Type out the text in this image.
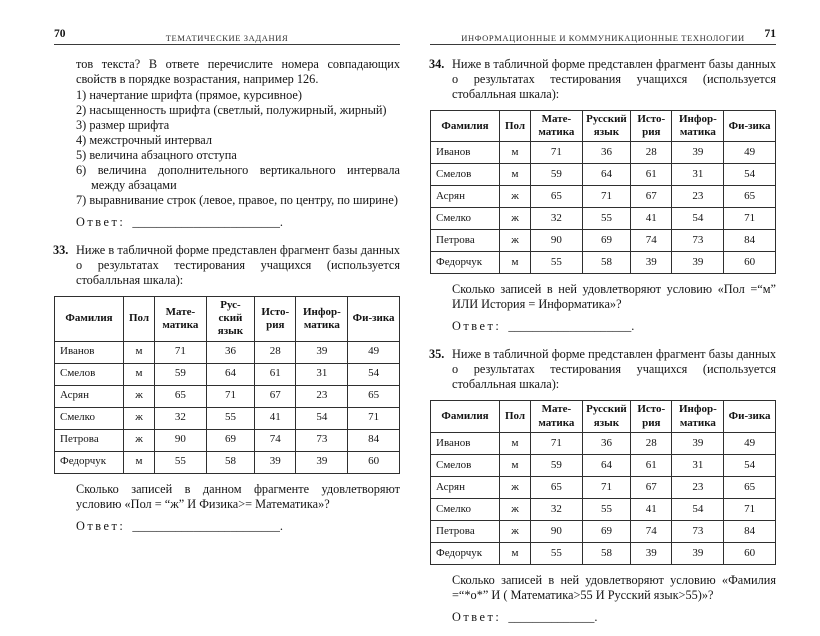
70	ТЕМАТИЧЕСКИЕ ЗАДАНИЯ

тов текста? В ответе перечислите номера совпадающих свойств в порядке возрастания, например 126.

1) начертание шрифта (прямое, курсивное)
2) насыщенность шрифта (светлый, полужирный, жирный)
3) размер шрифта
4) межстрочный интервал
5) величина абзацного отступа
6) величина дополнительного вертикального интервала между абзацами
7) выравнивание строк (левое, правое, по центру, по ширине)

Ответ: ________________________.

33. Ниже в табличной форме представлен фрагмент базы данных о результатах тестирования учащихся (используется стобалльная шкала):

Фамилия	Пол	Мате-матика	Рус-ский язык	Исто-рия	Инфор-матика	Фи-зика
Иванов	м	71	36	28	39	49
Смелов	м	59	64	61	31	54
Асрян	ж	65	71	67	23	65
Смелко	ж	32	55	41	54	71
Петрова	ж	90	69	74	73	84
Федорчук	м	55	58	39	39	60

Сколько записей в данном фрагменте удовлетворяют условию «Пол = “ж” И Физика>= Математика»?

Ответ: ________________________.

ИНФОРМАЦИОННЫЕ И КОММУНИКАЦИОННЫЕ ТЕХНОЛОГИИ 71
34. Ниже в табличной форме представлен фрагмент базы данных о результатах тестирования учащихся (используется стобалльная шкала):

Фамилия	Пол	Мате-матика	Русский язык	Исто-рия	Инфор-матика	Фи-зика
Иванов	м	71	36	28	39	49
Смелов	м	59	64	61	31	54
Асрян	ж	65	71	67	23	65
Смелко	ж	32	55	41	54	71
Петрова	ж	90	69	74	73	84
Федорчук	м	55	58	39	39	60

Сколько записей в ней удовлетворяют условию «Пол =“м” ИЛИ История = Информатика»?

Ответ: ____________________.

35. Ниже в табличной форме представлен фрагмент базы данных о результатах тестирования учащихся (используется стобалльная шкала):

Фамилия	Пол	Мате-матика	Русский язык	Исто-рия	Инфор-матика	Фи-зика
Иванов	м	71	36	28	39	49
Смелов	м	59	64	61	31	54
Асрян	ж	65	71	67	23	65
Смелко	ж	32	55	41	54	71
Петрова	ж	90	69	74	73	84
Федорчук	м	55	58	39	39	60

Сколько записей в ней удовлетворяют условию «Фамилия =“*о*” И ( Математика>55 И Русский язык>55)»?

Ответ: ______________.
